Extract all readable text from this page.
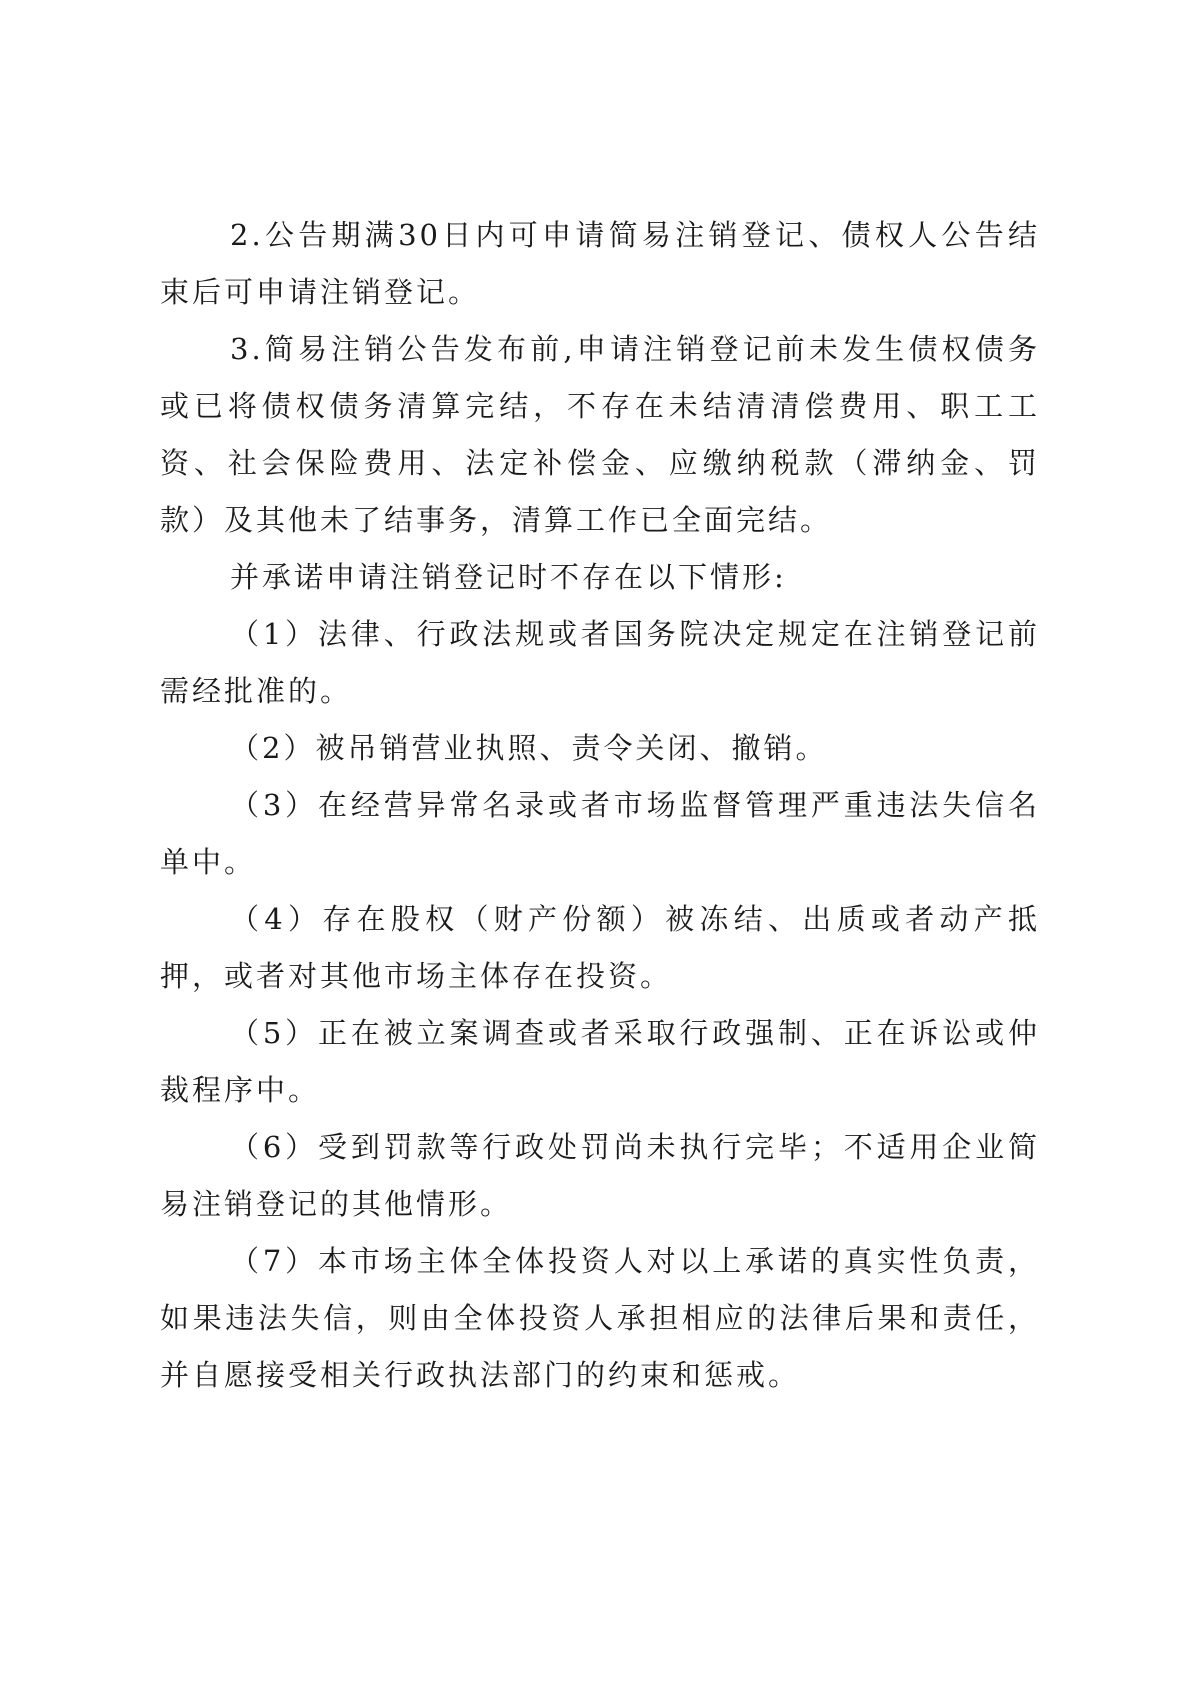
2.公告期满30日内可申请简易注销登记、债权人公告结束后可申请注销登记。

3.简易注销公告发布前,申请注销登记前未发生债权债务或已将债权债务清算完结，不存在未结清清偿费用、职工工资、社会保险费用、法定补偿金、应缴纳税款（滞纳金、罚款）及其他未了结事务，清算工作已全面完结。

并承诺申请注销登记时不存在以下情形:

（1）法律、行政法规或者国务院决定规定在注销登记前需经批准的。

（2）被吊销营业执照、责令关闭、撤销。

（3）在经营异常名录或者市场监督管理严重违法失信名单中。

（4）存在股权（财产份额）被冻结、出质或者动产抵押，或者对其他市场主体存在投资。

（5）正在被立案调查或者采取行政强制、正在诉讼或仲裁程序中。

（6）受到罚款等行政处罚尚未执行完毕；不适用企业简易注销登记的其他情形。

（7）本市场主体全体投资人对以上承诺的真实性负责，如果违法失信，则由全体投资人承担相应的法律后果和责任，并自愿接受相关行政执法部门的约束和惩戒。
